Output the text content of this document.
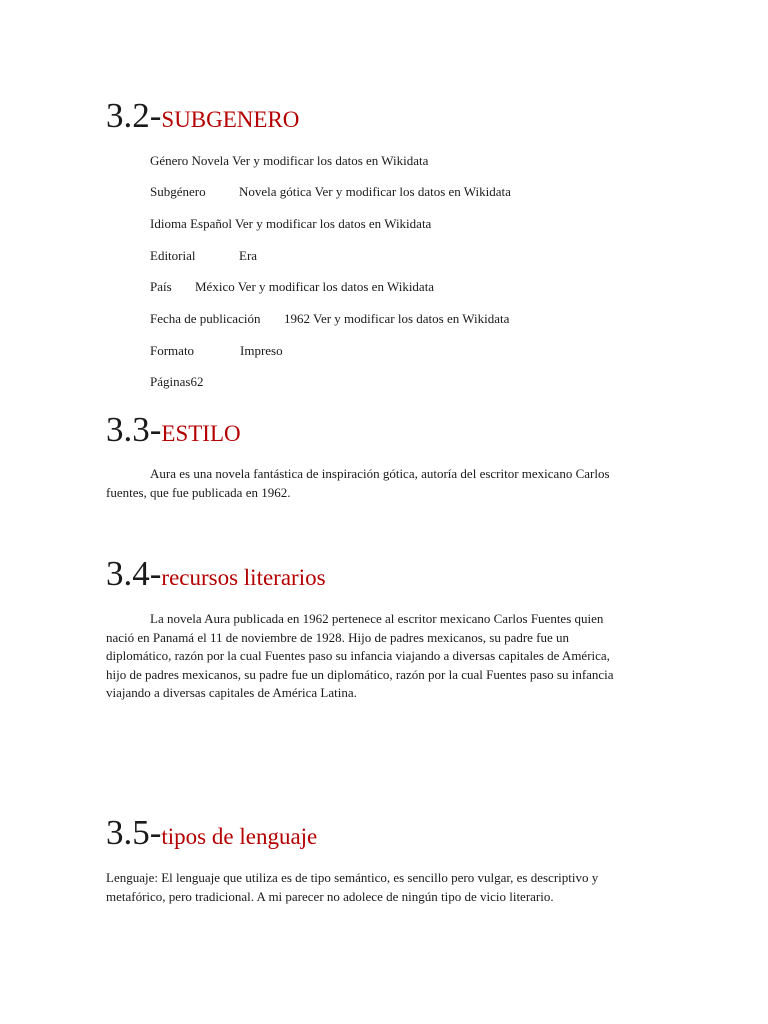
3.2-SUBGENERO
Género Novela Ver y modificar los datos en Wikidata
Subgénero	Novela gótica Ver y modificar los datos en Wikidata
Idioma Español Ver y modificar los datos en Wikidata
Editorial	Era
País México Ver y modificar los datos en Wikidata
Fecha de publicación 1962 Ver y modificar los datos en Wikidata
Formato	Impreso
Páginas62
3.3-ESTILO
Aura es una novela fantástica de inspiración gótica, autoría del escritor mexicano Carlos
fuentes, que fue publicada en 1962.
3.4-recursos literarios
La novela Aura publicada en 1962 pertenece al escritor mexicano Carlos Fuentes quien
nació en Panamá el 11 de noviembre de 1928. Hijo de padres mexicanos, su padre fue un
diplomático, razón por la cual Fuentes paso su infancia viajando a diversas capitales de América,
hijo de padres mexicanos, su padre fue un diplomático, razón por la cual Fuentes paso su infancia
viajando a diversas capitales de América Latina.
3.5-tipos de lenguaje
Lenguaje: El lenguaje que utiliza es de tipo semántico, es sencillo pero vulgar, es descriptivo y
metafórico, pero tradicional. A mi parecer no adolece de ningún tipo de vicio literario.
